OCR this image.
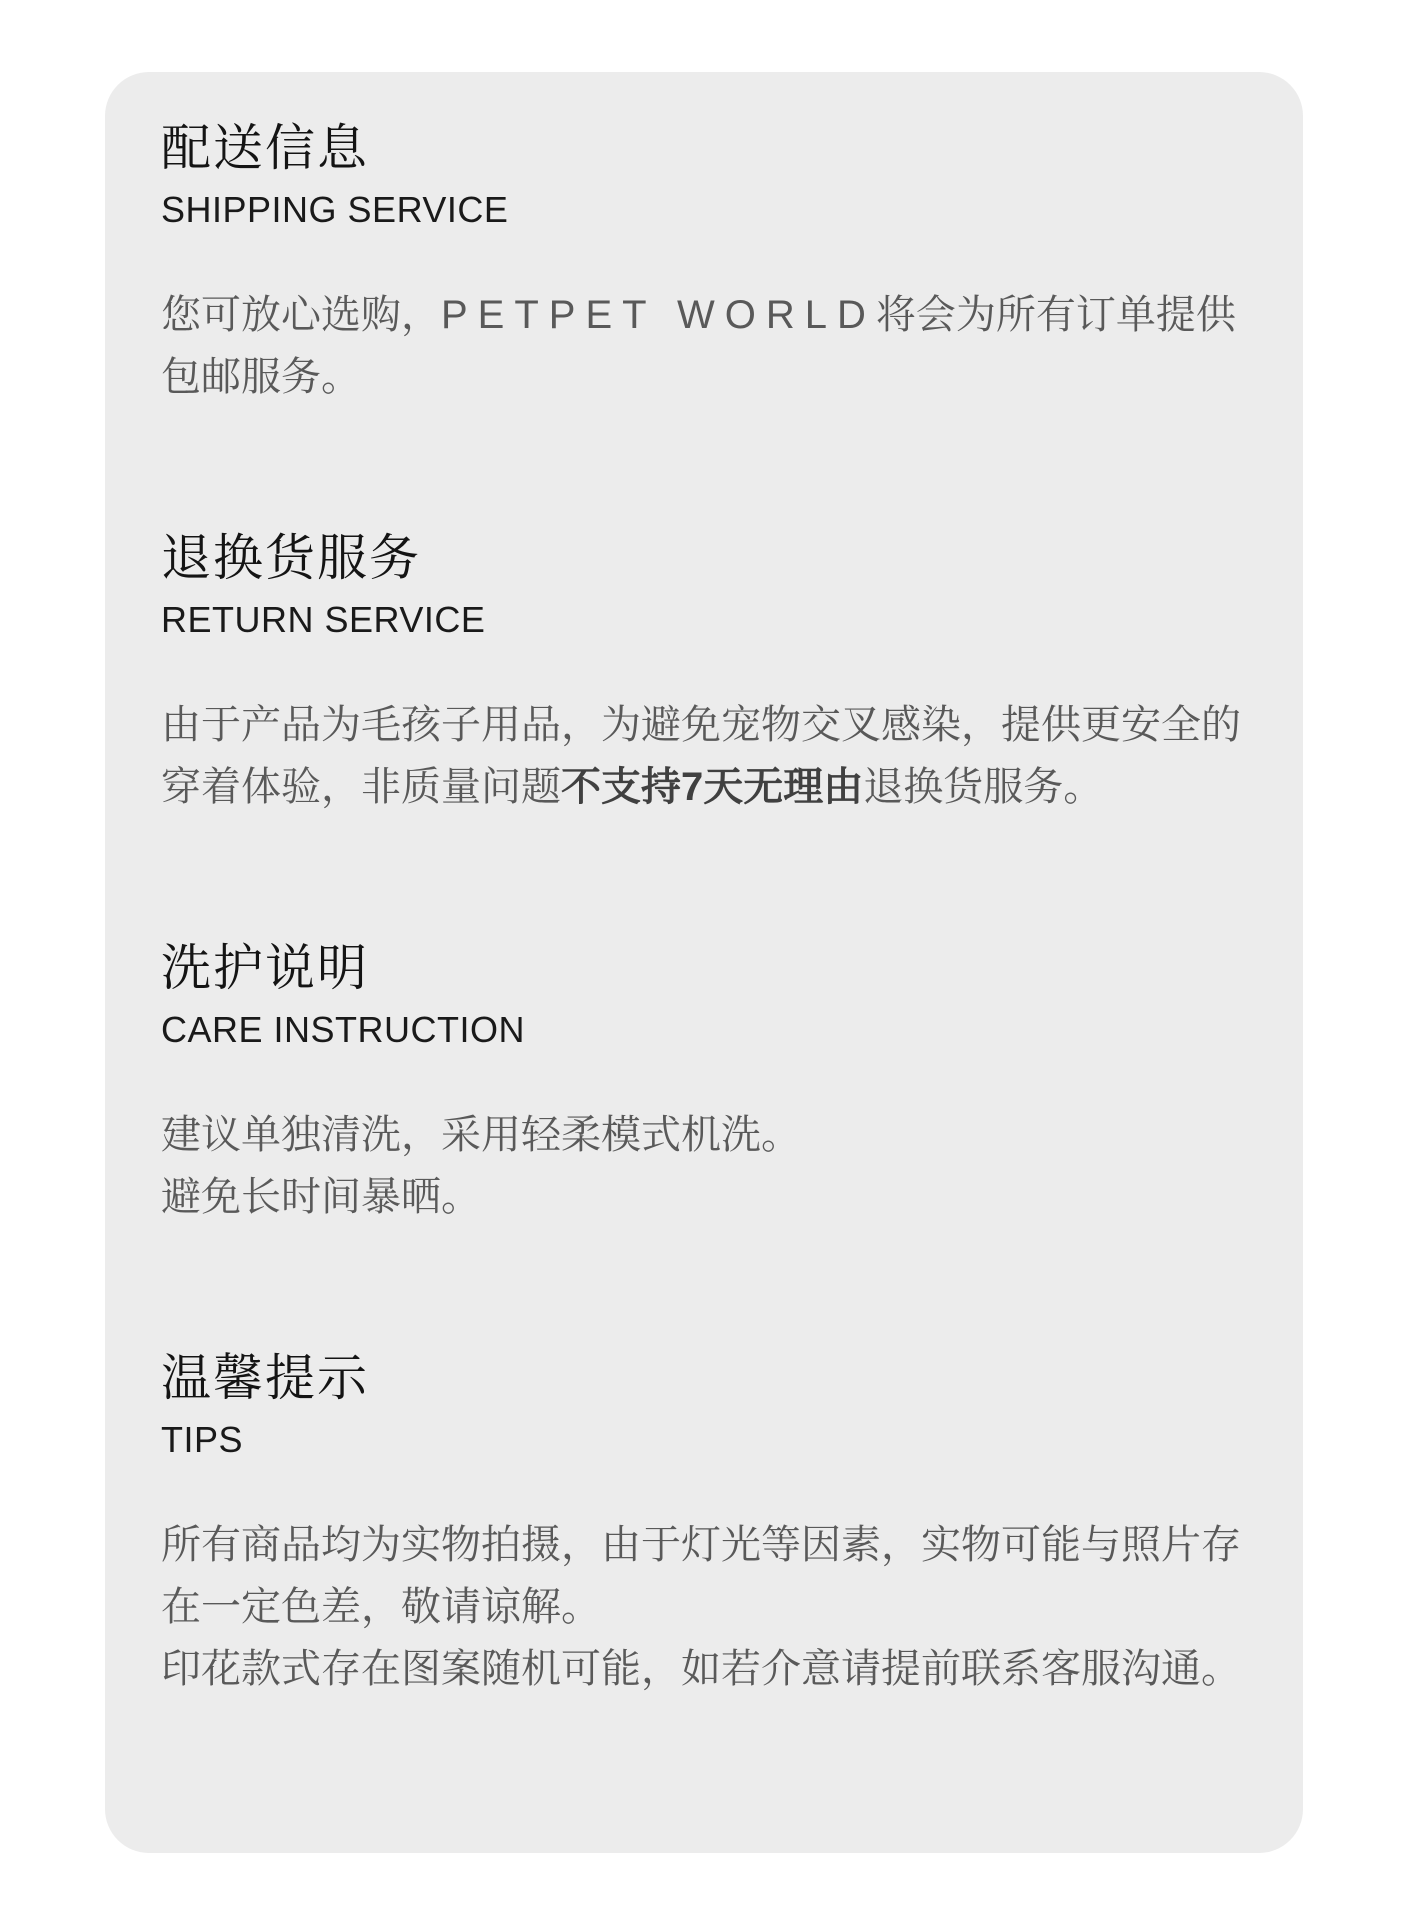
配送信息
SHIPPING SERVICE
您可放心选购，PETPET WORLD将会为所有订单提供包邮服务。
退换货服务
RETURN SERVICE
由于产品为毛孩子用品，为避免宠物交叉感染，提供更安全的穿着体验，非质量问题不支持7天无理由退换货服务。
洗护说明
CARE INSTRUCTION
建议单独清洗，采用轻柔模式机洗。
避免长时间暴晒。
温馨提示
TIPS
所有商品均为实物拍摄，由于灯光等因素，实物可能与照片存在一定色差，敬请谅解。
印花款式存在图案随机可能，如若介意请提前联系客服沟通。
